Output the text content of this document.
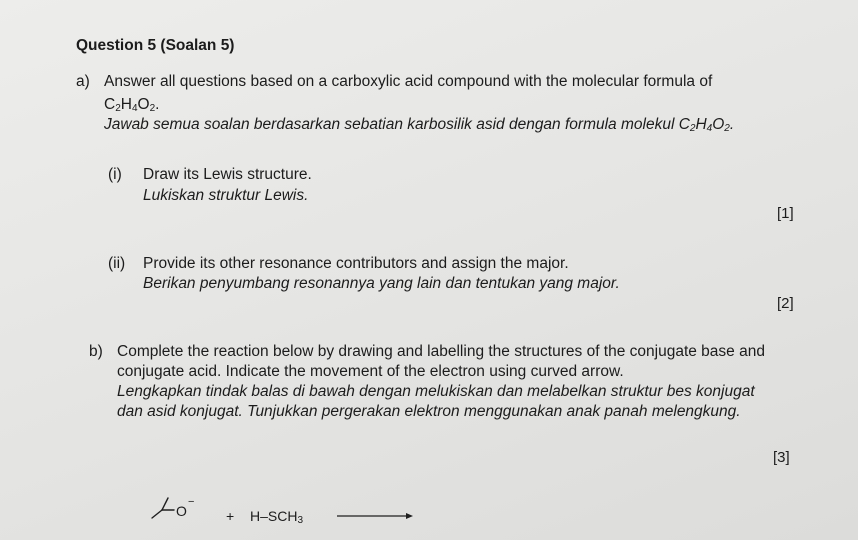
Question 5 (Soalan 5)
a) Answer all questions based on a carboxylic acid compound with the molecular formula of
$C_2H_4O_2$.
Jawab semua soalan berdasarkan sebatian karbosilik asid dengan formula molekul $C_2H_4O_2$.
(i) Draw its Lewis structure.
Lukiskan struktur Lewis.
[1]
(ii) Provide its other resonance contributors and assign the major.
Berikan penyumbang resonannya yang lain dan tentukan yang major.
[2]
b) Complete the reaction below by drawing and labelling the structures of the conjugate base and
conjugate acid. Indicate the movement of the electron using curved arrow.
Lengkapkan tindak balas di bawah dengan melukiskan dan melabelkan struktur bes konjugat
dan asid konjugat. Tunjukkan pergerakan elektron menggunakan anak panah melengkung.
[3]
O
−
+ $H-SCH_3$
